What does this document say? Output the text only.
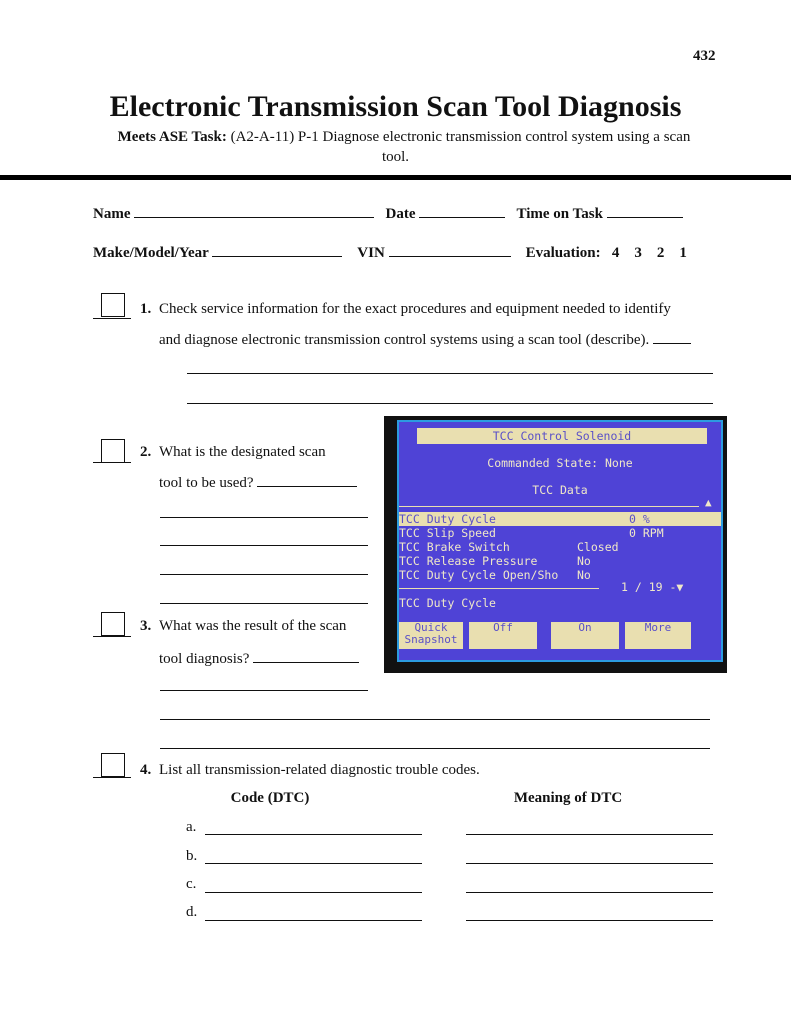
432
Electronic Transmission Scan Tool Diagnosis
Meets ASE Task: (A2-A-11) P-1 Diagnose electronic transmission control system using a scan
tool.
Name	Date	Time on Task
Make/Model/Year	VIN	Evaluation: 4 3 2 1
1. Check service information for the exact procedures and equipment needed to identify
and diagnose electronic transmission control systems using a scan tool (describe).
2. What is the designated scan
tool to be used?
3. What was the result of the scan
tool diagnosis?
4. List all transmission-related diagnostic trouble codes.
Code (DTC)	Meaning of DTC
a.
b.
c.
d.
TCC Control Solenoid
Commanded State: None
TCC Data
▲
TCC Duty Cycle	0 %
TCC Slip Speed	0 RPM
TCC Brake Switch	Closed
TCC Release Pressure	No
TCC Duty Cycle Open/Sho No
1 / 19 -▼
TCC Duty Cycle
Quick Snapshot
Off	On	More
